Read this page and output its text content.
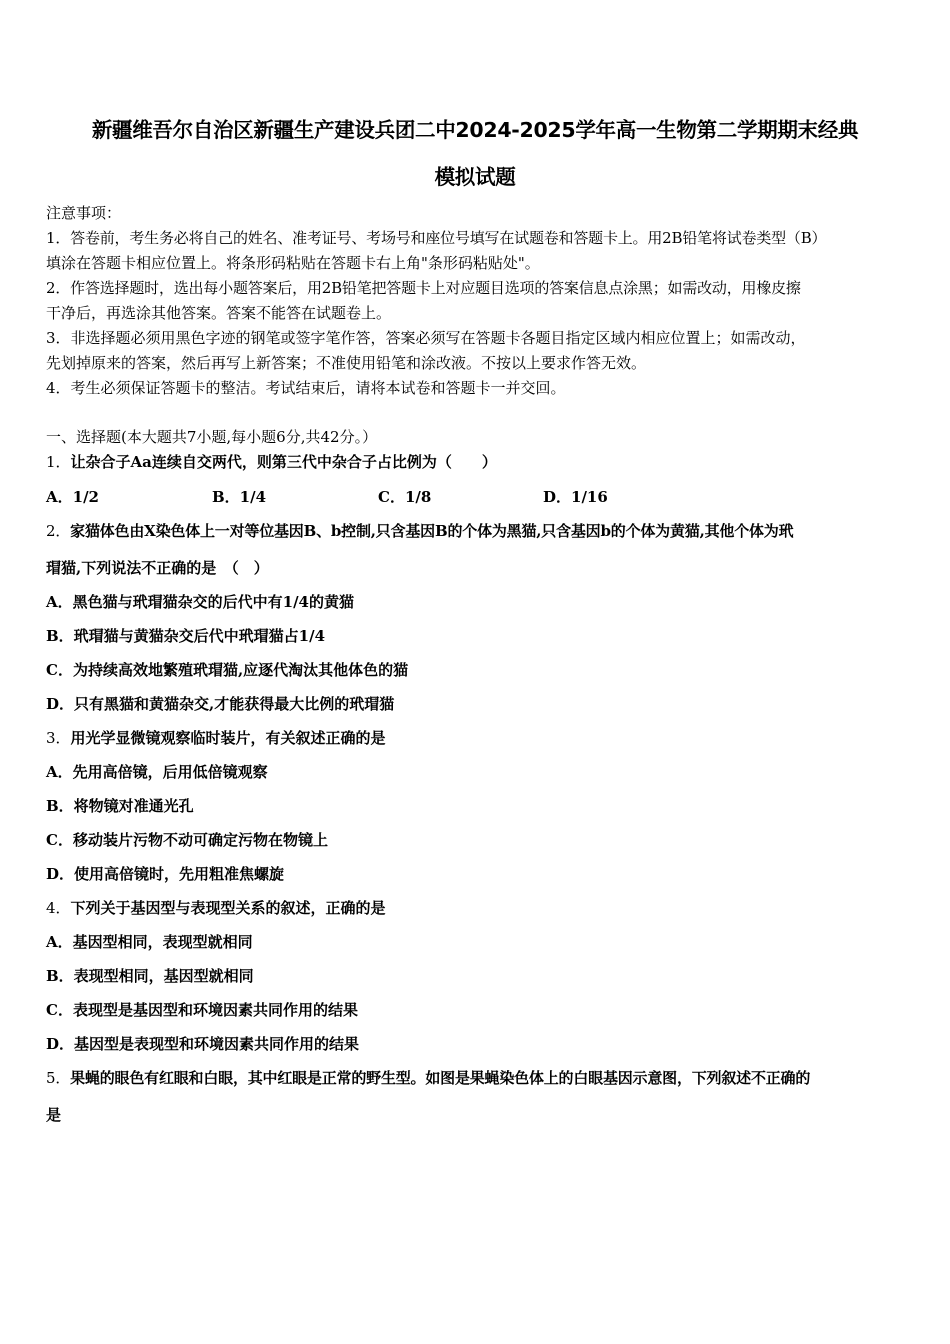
新疆维吾尔自治区新疆生产建设兵团二中2024-2025学年高一生物第二学期期末经典
模拟试题
注意事项：
1．答卷前，考生务必将自己的姓名、准考证号、考场号和座位号填写在试题卷和答题卡上。用2B铅笔将试卷类型（B）
填涂在答题卡相应位置上。将条形码粘贴在答题卡右上角"条形码粘贴处"。
2．作答选择题时，选出每小题答案后，用2B铅笔把答题卡上对应题目选项的答案信息点涂黑；如需改动，用橡皮擦
干净后，再选涂其他答案。答案不能答在试题卷上。
3．非选择题必须用黑色字迹的钢笔或签字笔作答，答案必须写在答题卡各题目指定区域内相应位置上；如需改动，
先划掉原来的答案，然后再写上新答案；不准使用铅笔和涂改液。不按以上要求作答无效。
4．考生必须保证答题卡的整洁。考试结束后，请将本试卷和答题卡一并交回。
一、选择题(本大题共7小题,每小题6分,共42分。）
1．让杂合子Aa连续自交两代，则第三代中杂合子占比例为（　　）
A．1/2	B．1/4	C．1/8	D．1/16
2．家猫体色由X染色体上一对等位基因B、b控制,只含基因B的个体为黑猫,只含基因b的个体为黄猫,其他个体为玳
瑁猫,下列说法不正确的是　（　）
A．黑色猫与玳瑁猫杂交的后代中有1/4的黄猫
B．玳瑁猫与黄猫杂交后代中玳瑁猫占1/4
C．为持续高效地繁殖玳瑁猫,应逐代淘汰其他体色的猫
D．只有黑猫和黄猫杂交,才能获得最大比例的玳瑁猫
3．用光学显微镜观察临时装片，有关叙述正确的是
A．先用高倍镜，后用低倍镜观察
B．将物镜对准通光孔
C．移动装片污物不动可确定污物在物镜上
D．使用高倍镜时，先用粗准焦螺旋
4．下列关于基因型与表现型关系的叙述，正确的是
A．基因型相同，表现型就相同
B．表现型相同，基因型就相同
C．表现型是基因型和环境因素共同作用的结果
D．基因型是表现型和环境因素共同作用的结果
5．果蝇的眼色有红眼和白眼，其中红眼是正常的野生型。如图是果蝇染色体上的白眼基因示意图，下列叙述不正确的
是
